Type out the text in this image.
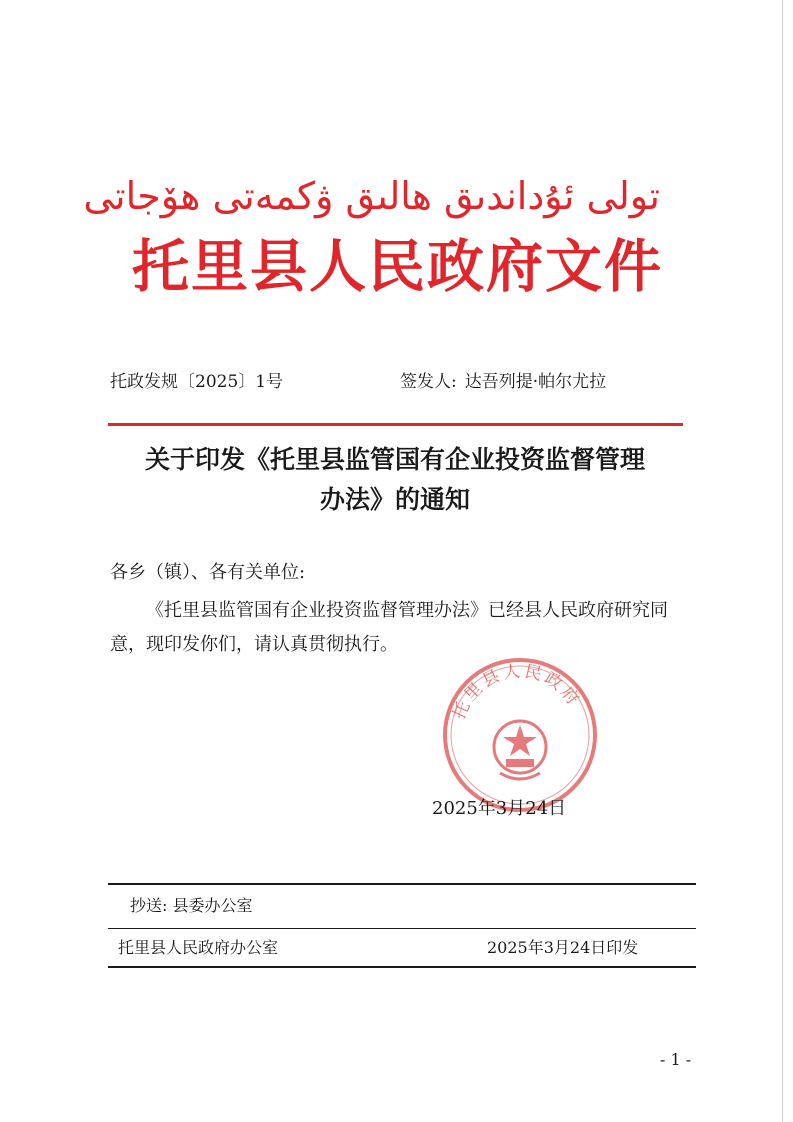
تولى ئۇداندىق ھالىق ۋكمەتى ھۆجاتى
托里县人民政府文件
托政发规〔2025〕1号	签发人: 达吾列提·帕尔尤拉
关于印发《托里县监管国有企业投资监督管理
办法》的通知
各乡（镇）、各有关单位:
《托里县监管国有企业投资监督管理办法》已经县人民政府研究同意，现印发你们，请认真贯彻执行。
托里县人民政府
2025年3月24日
抄送: 县委办公室
托里县人民政府办公室	2025年3月24日印发
- 1 -
